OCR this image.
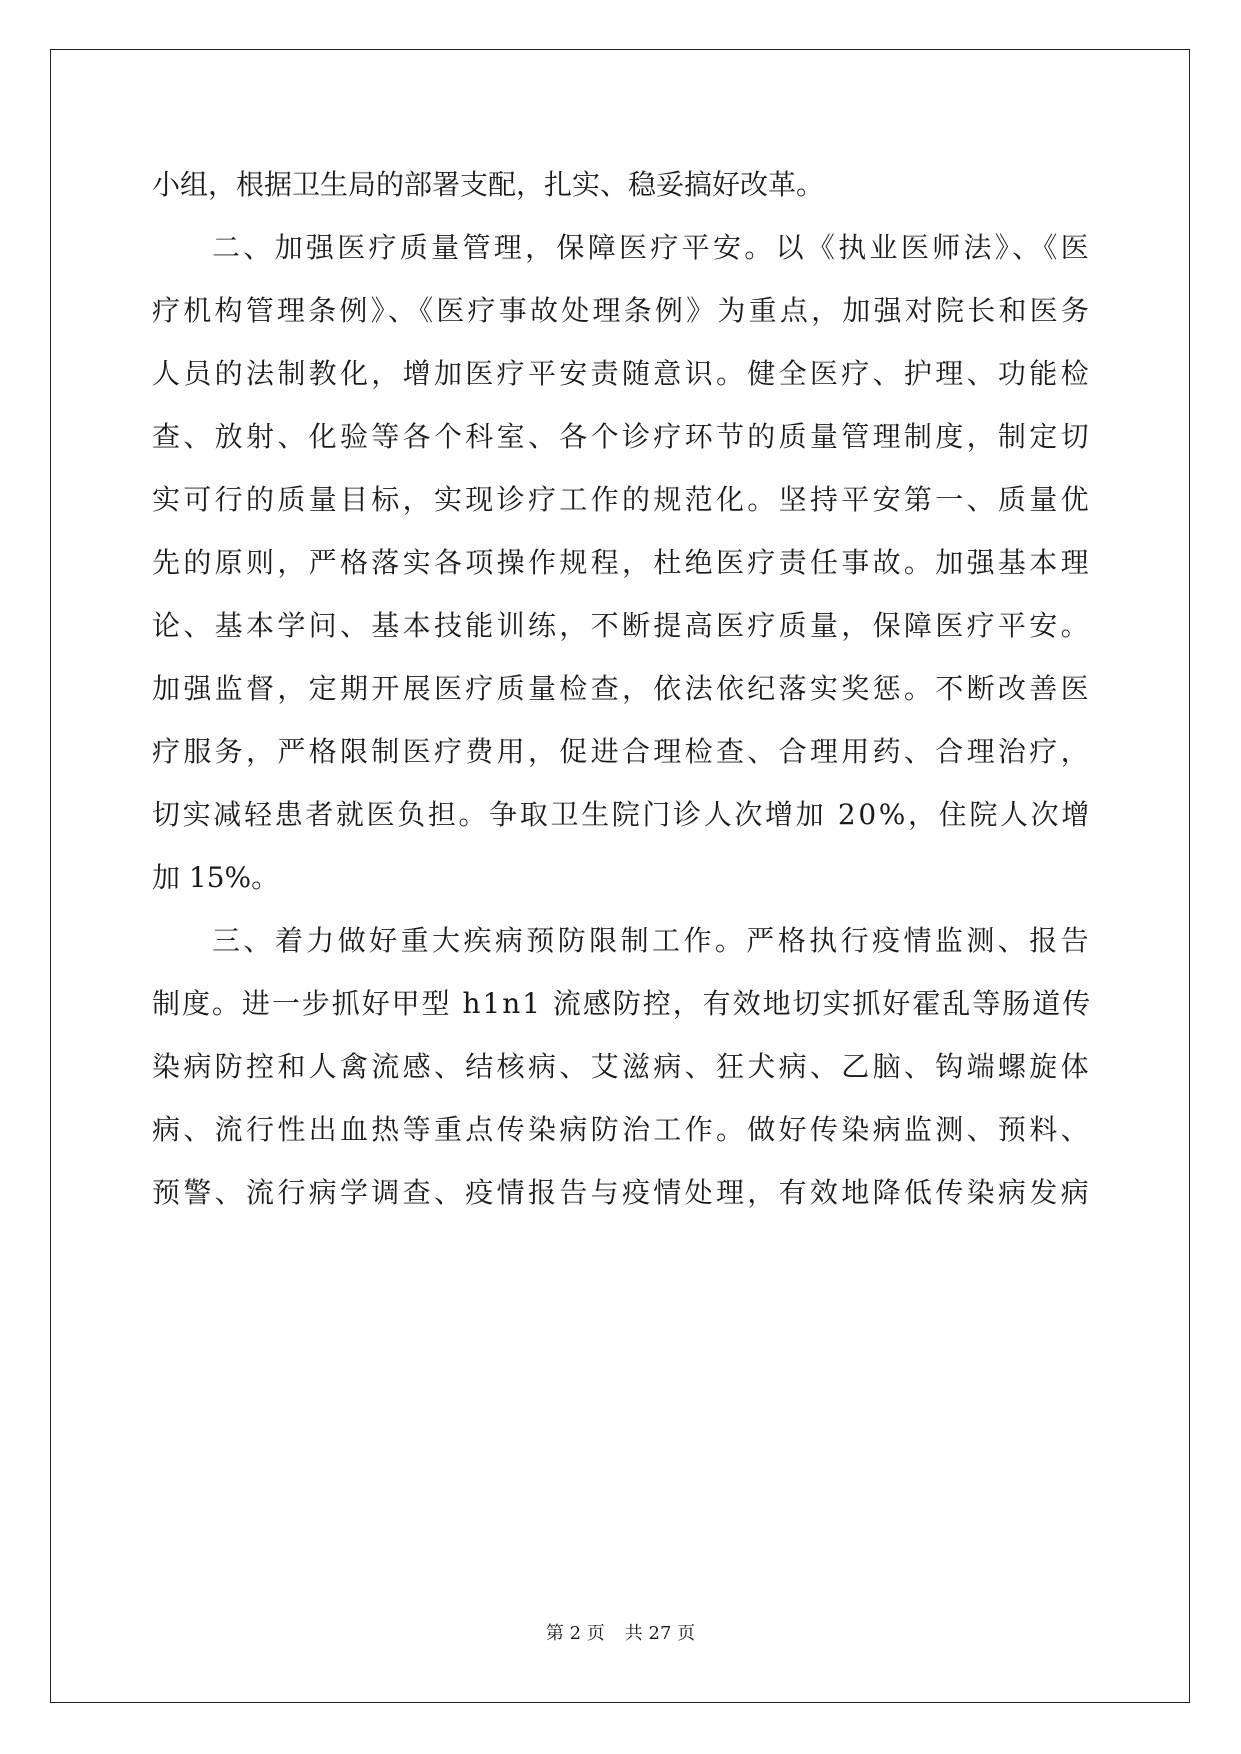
小组，根据卫生局的部署支配，扎实、稳妥搞好改革。
二、加强医疗质量管理，保障医疗平安。以《执业医师法》、《医
疗机构管理条例》、《医疗事故处理条例》为重点，加强对院长和医务
人员的法制教化，增加医疗平安责随意识。健全医疗、护理、功能检
查、放射、化验等各个科室、各个诊疗环节的质量管理制度，制定切
实可行的质量目标，实现诊疗工作的规范化。坚持平安第一、质量优
先的原则，严格落实各项操作规程，杜绝医疗责任事故。加强基本理
论、基本学问、基本技能训练，不断提高医疗质量，保障医疗平安。
加强监督，定期开展医疗质量检查，依法依纪落实奖惩。不断改善医
疗服务，严格限制医疗费用，促进合理检查、合理用药、合理治疗，
切实减轻患者就医负担。争取卫生院门诊人次增加 20%，住院人次增
加 15%。
三、着力做好重大疾病预防限制工作。严格执行疫情监测、报告
制度。进一步抓好甲型 h1n1 流感防控，有效地切实抓好霍乱等肠道传
染病防控和人禽流感、结核病、艾滋病、狂犬病、乙脑、钩端螺旋体
病、流行性出血热等重点传染病防治工作。做好传染病监测、预料、
预警、流行病学调查、疫情报告与疫情处理，有效地降低传染病发病
第 2 页 共 27 页
